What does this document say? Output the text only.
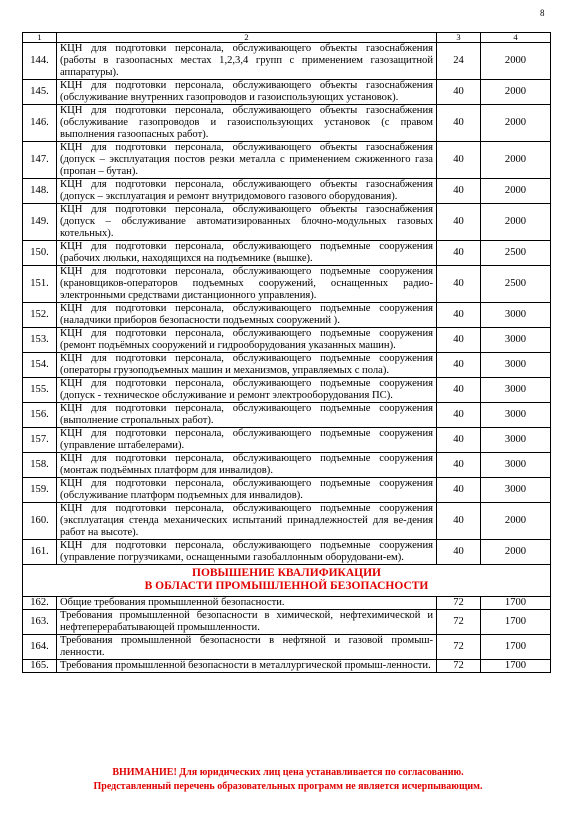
8
1	2	3	4
144.	КЦН для подготовки персонала, обслуживающего объекты газоснабжения (работы в газоопасных местах 1,2,3,4 групп с применением газозащитной аппаратуры).	24	2000
145.	КЦН для подготовки персонала, обслуживающего объекты газоснабжения (обслуживание внутренних газопроводов и газоиспользующих установок).	40	2000
146.	КЦН для подготовки персонала, обслуживающего объекты газоснабжения (обслуживание газопроводов и газоиспользующих установок (с правом выполнения газоопасных работ).	40	2000
147.	КЦН для подготовки персонала, обслуживающего объекты газоснабжения (допуск – эксплуатация постов резки металла с применением сжиженного газа (пропан – бутан).	40	2000
148.	КЦН для подготовки персонала, обслуживающего объекты газоснабжения (допуск – эксплуатация и ремонт внутридомового газового оборудования).	40	2000
149.	КЦН для подготовки персонала, обслуживающего объекты газоснабжения (допуск – обслуживание автоматизированных блочно-модульных газовых котельных).	40	2000
150.	КЦН для подготовки персонала, обслуживающего подъемные сооружения (рабочих люльки, находящихся на подъемнике (вышке).	40	2500
151.	КЦН для подготовки персонала, обслуживающего подъемные сооружения (крановщиков-операторов подъемных сооружений, оснащенных радио-электронными средствами дистанционного управления).	40	2500
152.	КЦН для подготовки персонала, обслуживающего подъемные сооружения (наладчики приборов безопасности подъемных сооружений ).	40	3000
153.	КЦН для подготовки персонала, обслуживающего подъемные сооружения (ремонт подъёмных сооружений и гидрооборудования указанных машин).	40	3000
154.	КЦН для подготовки персонала, обслуживающего подъемные сооружения (операторы грузоподъемных машин и механизмов, управляемых с пола).	40	3000
155.	КЦН для подготовки персонала, обслуживающего подъемные сооружения (допуск - техническое обслуживание и ремонт электрооборудования ПС).	40	3000
156.	КЦН для подготовки персонала, обслуживающего подъемные сооружения (выполнение стропальных работ).	40	3000
157.	КЦН для подготовки персонала, обслуживающего подъемные сооружения (управление штабелерами).	40	3000
158.	КЦН для подготовки персонала, обслуживающего подъемные сооружения (монтаж подъёмных платформ для инвалидов).	40	3000
159.	КЦН для подготовки персонала, обслуживающего подъемные сооружения (обслуживание платформ подъемных для инвалидов).	40	3000
160.	КЦН для подготовки персонала, обслуживающего подъемные сооружения (эксплуатация стенда механических испытаний принадлежностей для ве-дения работ на высоте).	40	2000
161.	КЦН для подготовки персонала, обслуживающего подъемные сооружения (управление погрузчиками, оснащенными газобаллонным оборудовани-ем).	40	2000

ПОВЫШЕНИЕ КВАЛИФИКАЦИИ
В ОБЛАСТИ ПРОМЫШЛЕННОЙ БЕЗОПАСНОСТИ			

162.	Общие требования промышленной безопасности.	72	1700
163.	Требования промышленной безопасности в химической, нефтехимической и нефтеперерабатывающей промышленности.	72	1700
164.	Требования промышленной безопасности в нефтяной и газовой промыш-ленности.	72	1700
165.	Требования промышленной безопасности в металлургической промыш-ленности.	72	1700
ВНИМАНИЕ! Для юридических лиц цена устанавливается по согласованию.
Представленный перечень образовательных программ не является исчерпывающим.
